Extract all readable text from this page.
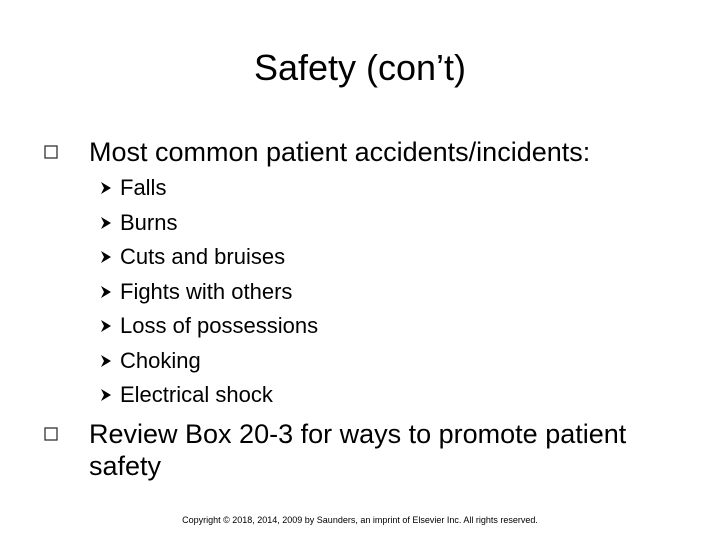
Safety (con’t)
Most common patient accidents/incidents:
Falls
Burns
Cuts and bruises
Fights with others
Loss of possessions
Choking
Electrical shock
Review Box 20-3 for ways to promote patient safety
Copyright © 2018, 2014, 2009 by Saunders, an imprint of Elsevier Inc. All rights reserved.
